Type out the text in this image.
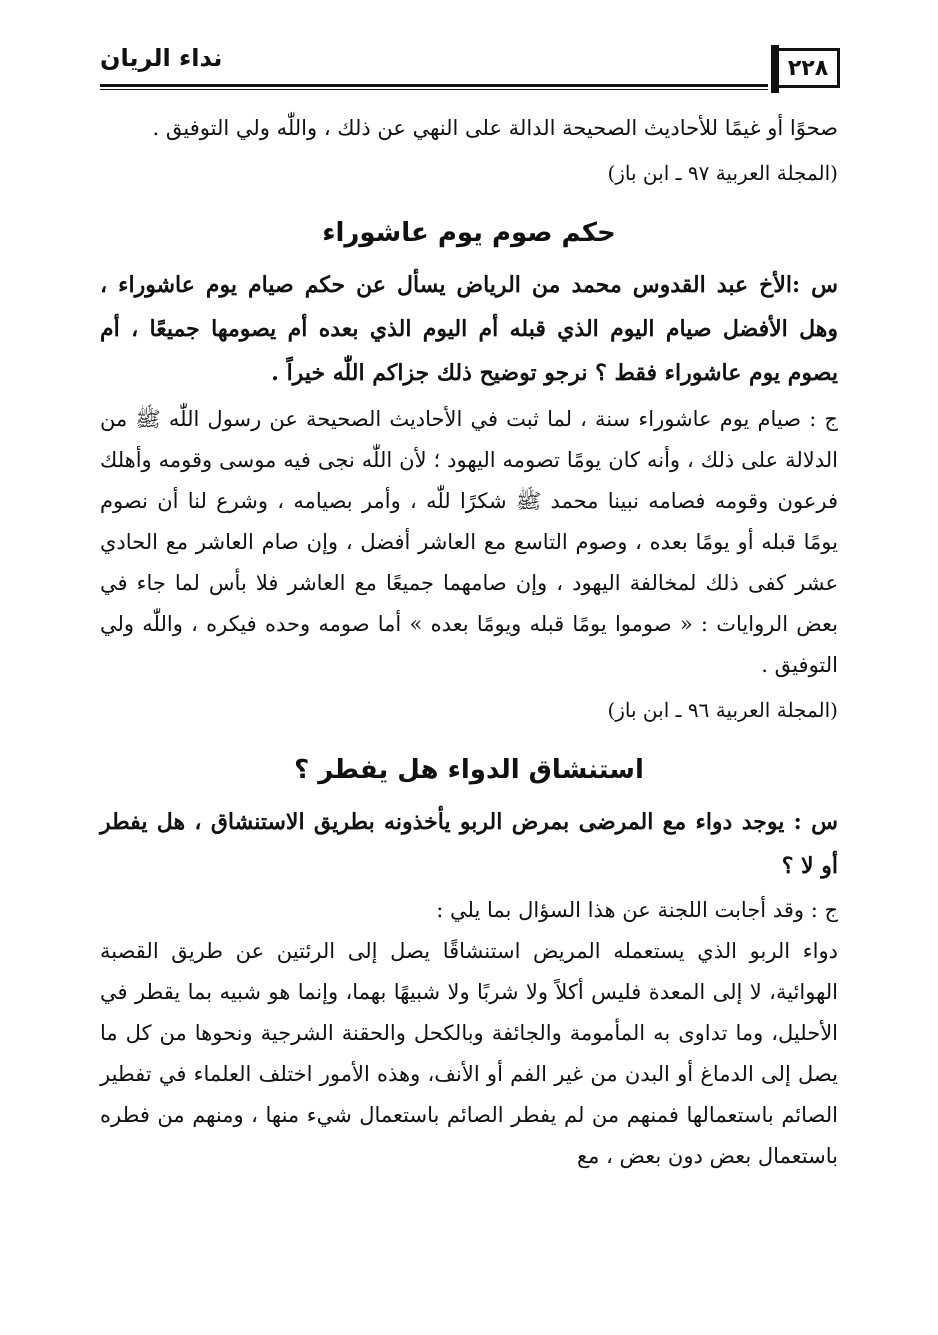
٢٢٨
نداء الريان

صحوًا أو غيمًا للأحاديث الصحيحة الدالة على النهي عن ذلك ، واللّٰه ولي التوفيق .

(المجلة العربية ٩٧ ـ ابن باز)

حكم صوم يوم عاشوراء

س :الأخ عبد القدوس محمد من الرياض يسأل عن حكم صيام يوم عاشوراء ، وهل الأفضل صيام اليوم الذي قبله أم اليوم الذي بعده أم يصومها جميعًا ، أم يصوم يوم عاشوراء فقط ؟ نرجو توضيح ذلك جزاكم اللّٰه خيراً .

ج : صيام يوم عاشوراء سنة ، لما ثبت في الأحاديث الصحيحة عن رسول اللّٰه ﷺ من الدلالة على ذلك ، وأنه كان يومًا تصومه اليهود ؛ لأن اللّٰه نجى فيه موسى وقومه وأهلك فرعون وقومه فصامه نبينا محمد ﷺ شكرًا للّٰه ، وأمر بصيامه ، وشرع لنا أن نصوم يومًا قبله أو يومًا بعده ، وصوم التاسع مع العاشر أفضل ، وإن صام العاشر مع الحادي عشر كفى ذلك لمخالفة اليهود ، وإن صامهما جميعًا مع العاشر فلا بأس لما جاء في بعض الروايات : « صوموا يومًا قبله ويومًا بعده » أما صومه وحده فيكره ، واللّٰه ولي التوفيق .

(المجلة العربية ٩٦ ـ ابن باز)

استنشاق الدواء هل يفطر ؟

س : يوجد دواء مع المرضى بمرض الربو يأخذونه بطريق الاستنشاق ، هل يفطر أو لا ؟

ج : وقد أجابت اللجنة عن هذا السؤال بما يلي :

دواء الربو الذي يستعمله المريض استنشاقًا يصل إلى الرئتين عن طريق القصبة الهوائية، لا إلى المعدة فليس أكلاً ولا شربًا ولا شبيهًا بهما، وإنما هو شبيه بما يقطر في الأحليل، وما تداوى به المأمومة والجائفة وبالكحل والحقنة الشرجية ونحوها من كل ما يصل إلى الدماغ أو البدن من غير الفم أو الأنف، وهذه الأمور اختلف العلماء في تفطير الصائم باستعمالها فمنهم من لم يفطر الصائم باستعمال شيء منها ، ومنهم من فطره باستعمال بعض دون بعض ، مع
